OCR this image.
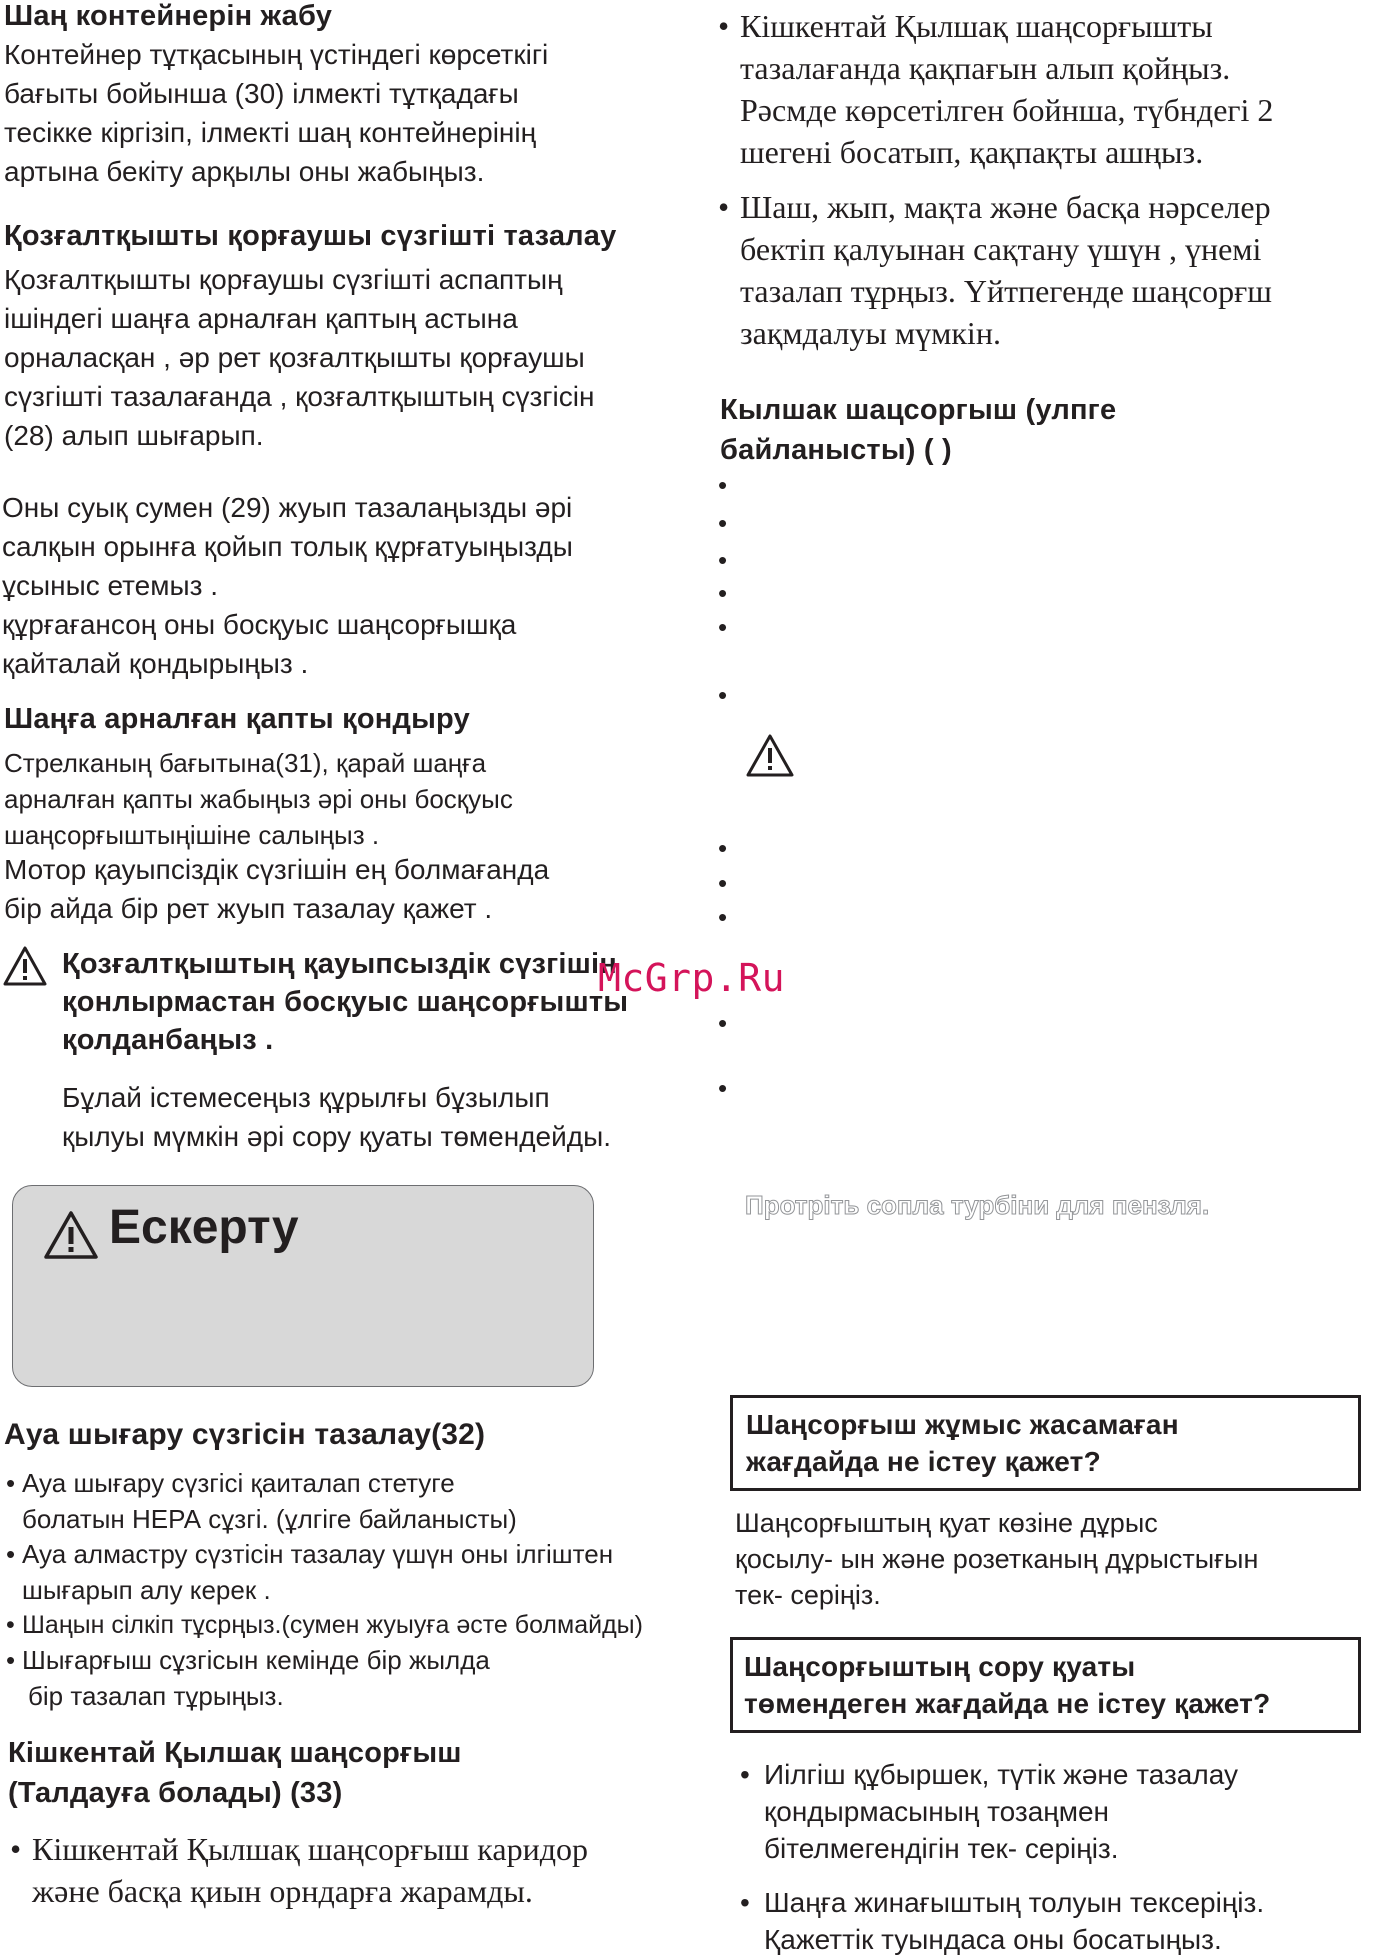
Шаң контейнерін жабу
Контейнер тұтқасының үстіндегі көрсеткігі
бағыты бойынша (30) ілмекті тұтқадағы
тесікке кіргізіп, ілмекті шаң контейнерінің
артына бекіту арқылы оны жабыңыз.
Қозғалтқышты қорғаушы сүзгішті тазалау
Қозғалтқышты қорғаушы сүзгішті аспаптың
ішіндегі шаңға арналған қаптың астына
орналасқан , әр рет қозғалтқышты қорғаушы
сүзгішті тазалағанда , қозғалтқыштың сүзгісін
(28) алып шығарып.
Оны суық сумен (29) жуып тазалаңызды әрі
салқын орынға қойып толық құрғатуыңызды
ұсыныс етемыз .
құрғағансоң оны босқуыс шаңсорғышқа
қайталай қондырыңыз .
Шаңға арналған қапты қондыру
Стрелканың бағытына(31), қарай шаңға
арналған қапты жабыңыз әрі оны босқуыс
шаңсорғыштыңішіне салыңыз .
Мотор қауыпсіздік сүзгішін ең болмағанда
бір айда бір рет жуып тазалау қажет .
Қозғалтқыштың қауыпсыздік сүзгішін
қонлырмастан босқуыс шаңсорғышты
қолданбаңыз .
Бұлай істемесеңыз құрылғы бұзылып
қылуы мүмкін әрі сору қуаты төмендейды.
Ескерту
Ауа шығару сүзгісін тазалау(32)
• Ауа шығару сүзгісі қаиталап стетуге
болатын НЕРА сұзгі. (ұлгіге байланысты)
• Ауа алмастру сүзтісін тазалау үшүн оны ілгіштен
шығарып алу керек .
• Шаңын сілкіп тұсрңыз.(сумен жуыуға әсте болмайды)
• Шығарғыш сұзгісын кемінде бір жылда
бір тазалап тұрыңыз.
Кішкентай Қылшақ шаңсорғыш
(Талдауға болады) (33)
• Кішкентай Қылшақ шаңсорғыш каридор
және басқа қиын орндарға жарамды.
• Кішкентай Қылшақ шаңсорғышты
тазалағанда қақпағын алып қойңыз.
Рәсмде көрсетілген бойнша, түбндегі 2
шегені босатып, қақпақты ашңыз.
• Шаш, жып, мақта және басқа нәрселер
бектіп қалуынан сақтану үшүн , үнемі
тазалап тұрңыз. Үйтпегенде шаңсорғш
зақмдалуы мүмкін.
Кылшак шацсоргыш (улпге
байланысты) ( )
•
•
•
•
•
•
•
•
•
•
•
McGrp.Ru
Протріть сопла турбіни для пензля.
Шаңсорғыш жұмыс жасамаған
жағдайда не істеу қажет?
Шаңсорғыштың қуат көзіне дұрыс
қосылу- ын және розетканың дұрыстығын
тек- серіңіз.
Шаңсорғыштың сору қуаты
төмендеген жағдайда не істеу қажет?
• Иілгіш құбыршек, түтік және тазалау
қондырмасының тозаңмен
бітелмегендігін тек- серіңіз.
• Шаңға жинағыштың толуын тексеріңіз.
Қажеттік туындаса оны босатыңыз.
